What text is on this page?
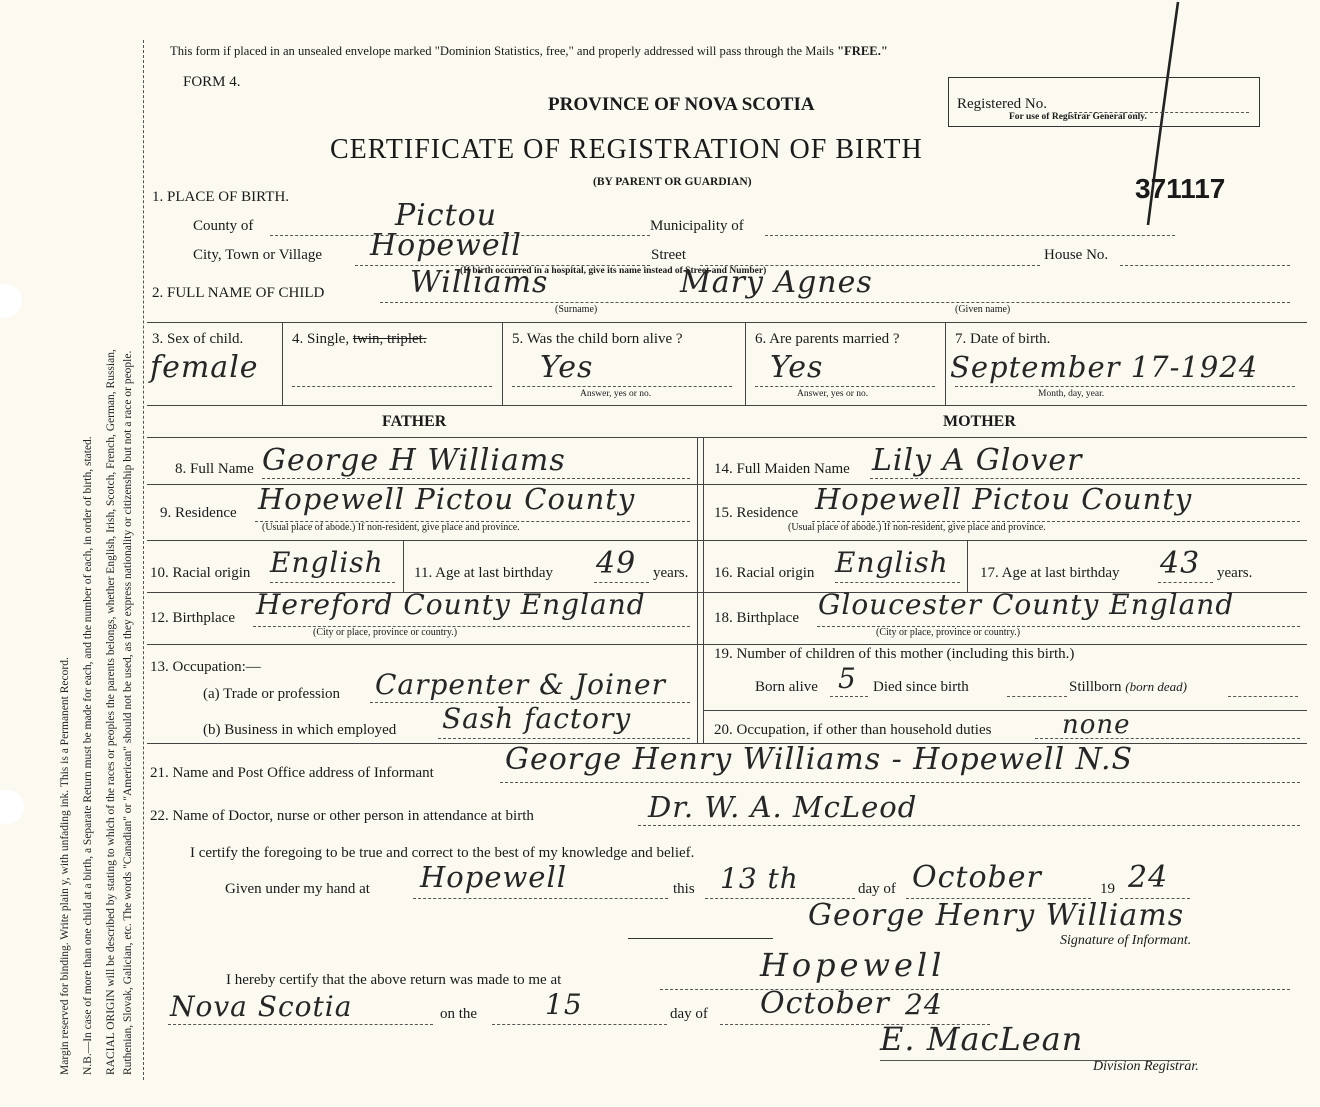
Margin reserved for binding. Write plain y, with unfading ink. This is a Permanent Record. N.B.—In case of more than one child at a birth, a Separate Return must be made for each, and the number of each, in order of birth, stated. RACIAL ORIGIN will be described by stating to which of the races or peoples the parents belongs, whether English, Irish, Scotch, French, German, Russian, Ruthenian, Slovak, Galician, etc. The words "Canadian" or "American" should not be used, as they express nationality or citizenship but not a race or people.
This form if placed in an unsealed envelope marked "Dominion Statistics, free," and properly addressed will pass through the Mails "FREE."
FORM 4.
PROVINCE OF NOVA SCOTIA
CERTIFICATE OF REGISTRATION OF BIRTH
(BY PARENT OR GUARDIAN)
Registered No.
For use of Registrar General only.
371117
1. PLACE OF BIRTH.
County of	Pictou	Municipality of
City, Town or Village Hopewell	Street	House No.
(If birth occurred in a hospital, give its name instead of Street and Number)
2. FULL NAME OF CHILD	Williams	Mary Agnes
(Surname)	(Given name)
3. Sex of child.
female
4. Single, twin, triplet.	5. Was the child born alive ?
Yes
Answer, yes or no.
6. Are parents married ?
Yes
Answer, yes or no.
7. Date of birth.
September 17-1924
Month, day, year.
FATHER	MOTHER
8. Full Name George H Williams
9. Residence Hopewell Pictou County
(Usual place of abode.) If non-resident, give place and province.
10. Racial origin English 11. Age at last birthday 49 years.
12. Birthplace Hereford County England
(City or place, province or country.)
13. Occupation:—
(a) Trade or profession Carpenter & Joiner
(b) Business in which employed Sash factory
14. Full Maiden Name Lily A Glover
15. Residence Hopewell Pictou County
(Usual place of abode.) If non-resident, give place and province.
16. Racial origin English 17. Age at last birthday 43 years.
18. Birthplace Gloucester County England
(City or place, province or country.)
19. Number of children of this mother (including this birth.)
Born alive 5 Died since birth	Stillborn (born dead)
20. Occupation, if other than household duties	none
21. Name and Post Office address of Informant George Henry Williams - Hopewell N.S
22. Name of Doctor, nurse or other person in attendance at birth	Dr. W. A. McLeod
I certify the foregoing to be true and correct to the best of my knowledge and belief.
Given under my hand at Hopewell	this 13 th	day of October	19 24
George Henry Williams
Signature of Informant.
I hereby certify that the above return was made to me at	Hopewell
Nova Scotia	on the 15	day of October 24
E. MacLean
Division Registrar.
